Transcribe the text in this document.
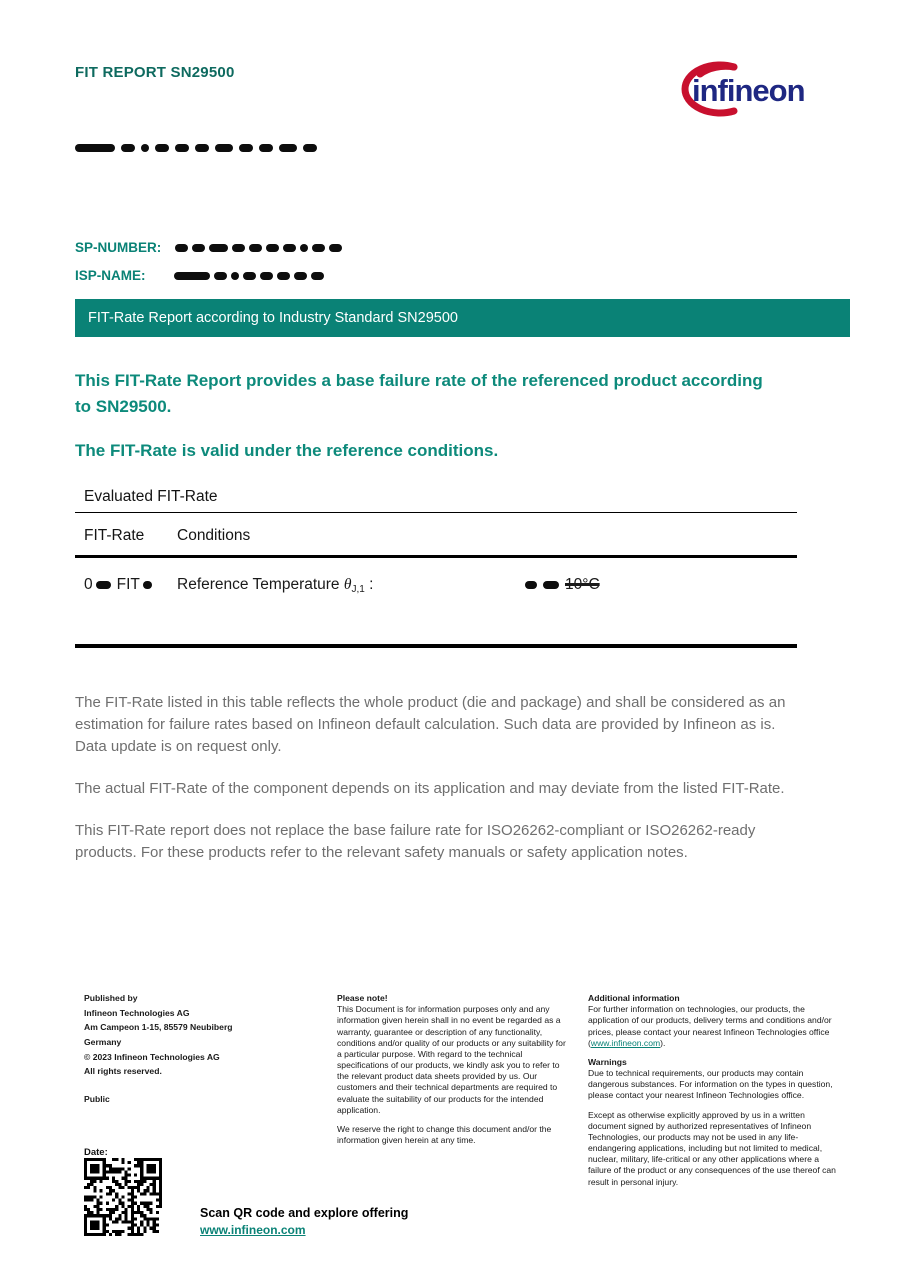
FIT REPORT SN29500
infineon
SP-NUMBER:
ISP-NAME:
FIT-Rate Report according to Industry Standard SN29500
This FIT-Rate Report provides a base failure rate of the referenced product according to SN29500.
The FIT-Rate is valid under the reference conditions.
Evaluated FIT-Rate
FIT-Rate Conditions
0 FIT	Reference Temperature $\theta_{J,1}$ :	10°C
The FIT-Rate listed in this table reflects the whole product (die and package) and shall be considered as an estimation for failure rates based on Infineon default calculation. Such data are provided by Infineon as is. Data update is on request only.
The actual FIT-Rate of the component depends on its application and may deviate from the listed FIT-Rate.
This FIT-Rate report does not replace the base failure rate for ISO26262-compliant or ISO26262-ready products. For these products refer to the relevant safety manuals or safety application notes.
Published by
Infineon Technologies AG
Am Campeon 1-15, 85579 Neubiberg
Germany
© 2023 Infineon Technologies AG
All rights reserved.
Public

Please note!

This Document is for information purposes only and any information given herein shall in no event be regarded as a warranty, guarantee or description of any functionality, conditions and/or quality of our products or any suitability for a particular purpose. With regard to the technical specifications of our products, we kindly ask you to refer to the relevant product data sheets provided by us. Our customers and their technical departments are required to evaluate the suitability of our products for the intended application.

We reserve the right to change this document and/or the information given herein at any time.

Additional information

For further information on technologies, our products, the application of our products, delivery terms and conditions and/or prices, please contact your nearest Infineon Technologies office (www.infineon.com).

Warnings

Due to technical requirements, our products may contain dangerous substances. For information on the types in question, please contact your nearest Infineon Technologies office.

Except as otherwise explicitly approved by us in a written document signed by authorized representatives of Infineon Technologies, our products may not be used in any life-endangering applications, including but not limited to medical, nuclear, military, life-critical or any other applications where a failure of the product or any consequences of the use thereof can result in personal injury.

Date:
Scan QR code and explore offering
www.infineon.com
